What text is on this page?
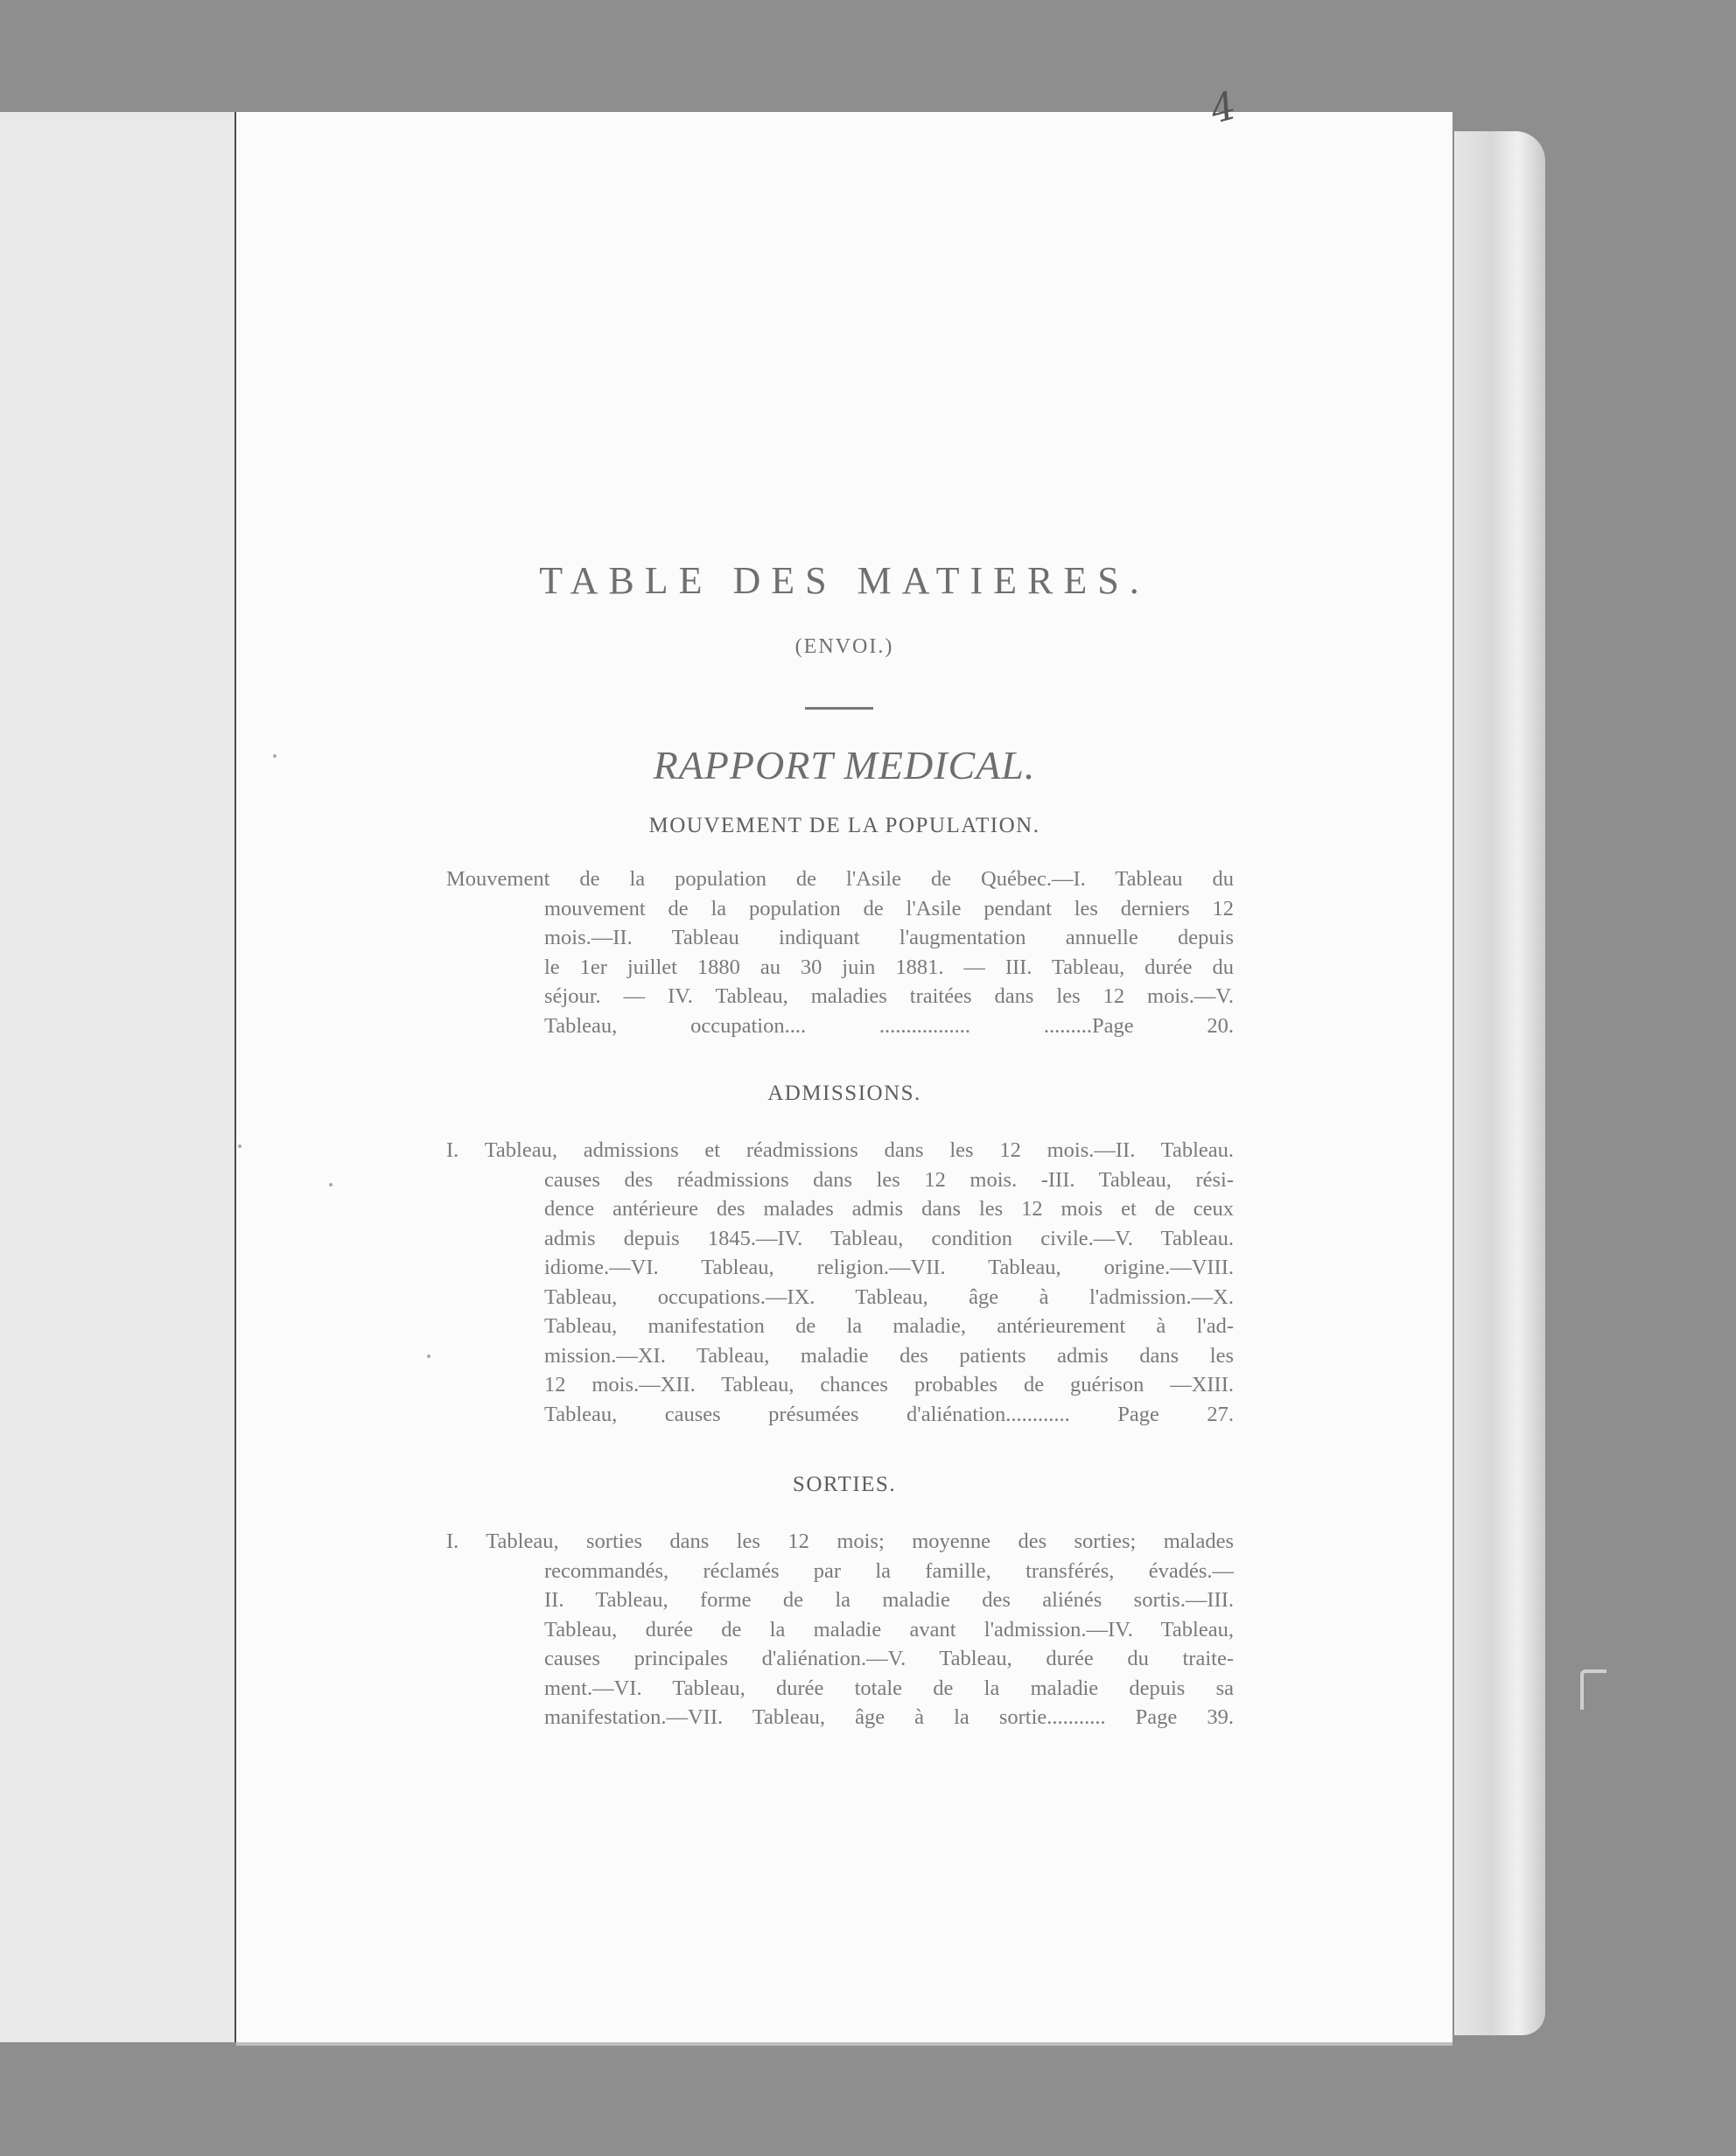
4
TABLE DES MATIERES.
(ENVOI.)
RAPPORT MEDICAL.
MOUVEMENT DE LA POPULATION.
Mouvement de la population de l'Asile de Québec.—I. Tableau du
mouvement de la population de l'Asile pendant les derniers 12
mois.—II. Tableau indiquant l'augmentation annuelle depuis
le 1er juillet 1880 au 30 juin 1881. — III. Tableau, durée du
séjour. — IV. Tableau, maladies traitées dans les 12 mois.—V.
Tableau, occupation.... ................. .........Page 20.
ADMISSIONS.
I. Tableau, admissions et réadmissions dans les 12 mois.—II. Tableau.
causes des réadmissions dans les 12 mois. -III. Tableau, rési-
dence antérieure des malades admis dans les 12 mois et de ceux
admis depuis 1845.—IV. Tableau, condition civile.—V. Tableau.
idiome.—VI. Tableau, religion.—VII. Tableau, origine.—VIII.
Tableau, occupations.—IX. Tableau, âge à l'admission.—X.
Tableau, manifestation de la maladie, antérieurement à l'ad-
mission.—XI. Tableau, maladie des patients admis dans les
12 mois.—XII. Tableau, chances probables de guérison —XIII.
Tableau, causes présumées d'aliénation............ Page 27.
SORTIES.
I. Tableau, sorties dans les 12 mois; moyenne des sorties; malades
recommandés, réclamés par la famille, transférés, évadés.—
II. Tableau, forme de la maladie des aliénés sortis.—III.
Tableau, durée de la maladie avant l'admission.—IV. Tableau,
causes principales d'aliénation.—V. Tableau, durée du traite-
ment.—VI. Tableau, durée totale de la maladie depuis sa
manifestation.—VII. Tableau, âge à la sortie........... Page 39.
